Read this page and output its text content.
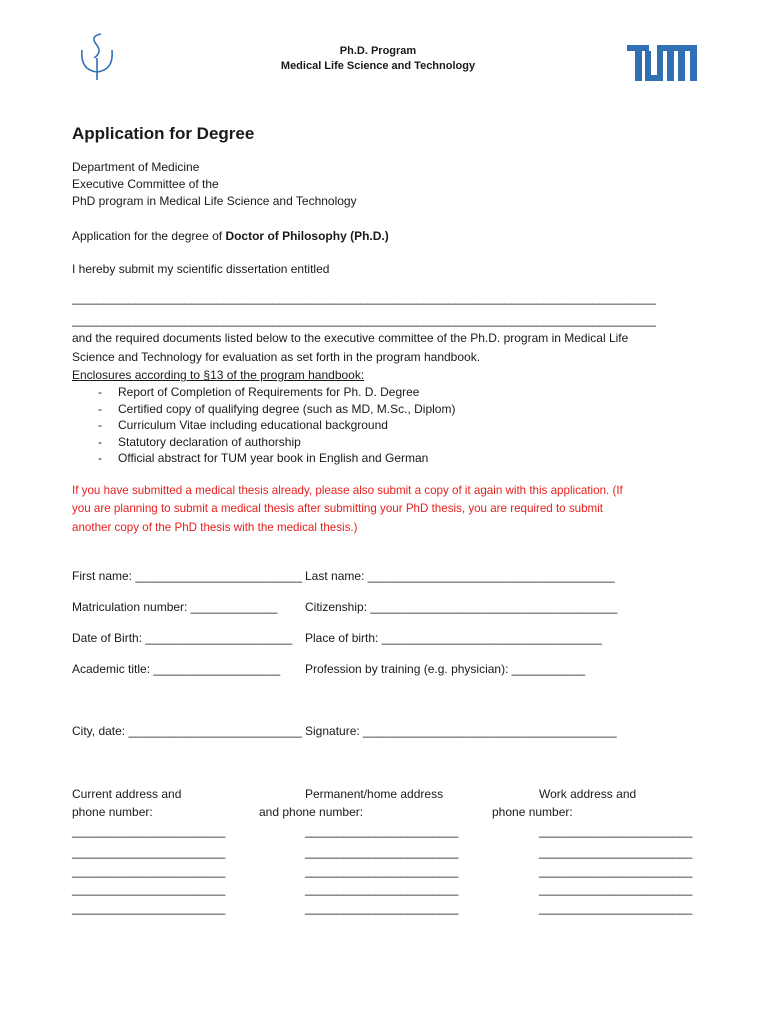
Ph.D. Program
Medical Life Science and Technology
TUM
Application for Degree
Department of Medicine
Executive Committee of the
PhD program in Medical Life Science and Technology
Application for the degree of Doctor of Philosophy (Ph.D.)
I hereby submit my scientific dissertation entitled
_____________________________________________________________________________________________
_____________________________________________________________________________________________
and the required documents listed below to the executive committee of the Ph.D. program in Medical Life
Science and Technology for evaluation as set forth in the program handbook.
Enclosures according to §13 of the program handbook:
- Report of Completion of Requirements for Ph. D. Degree
- Certified copy of qualifying degree (such as MD, M.Sc., Diplom)
- Curriculum Vitae including educational background
- Statutory declaration of authorship
- Official abstract for TUM year book in English and German
If you have submitted a medical thesis already, please also submit a copy of it again with this application. (If
you are planning to submit a medical thesis after submitting your PhD thesis, you are required to submit
another copy of the PhD thesis with the medical thesis.)
First name: _________________________ Last name: _____________________________________
Matriculation number: _____________ Citizenship: _____________________________________
Date of Birth: ______________________ Place of birth: _________________________________
Academic title: ___________________ Profession by training (e.g. physician): ___________
City, date: __________________________ Signature: ______________________________________
Current address and
phone number:
Permanent/home address
and phone number:
Work address and
phone number:
________________________
________________________
________________________
________________________
________________________
________________________
________________________
________________________
________________________
________________________
________________________
________________________
________________________
________________________
________________________
